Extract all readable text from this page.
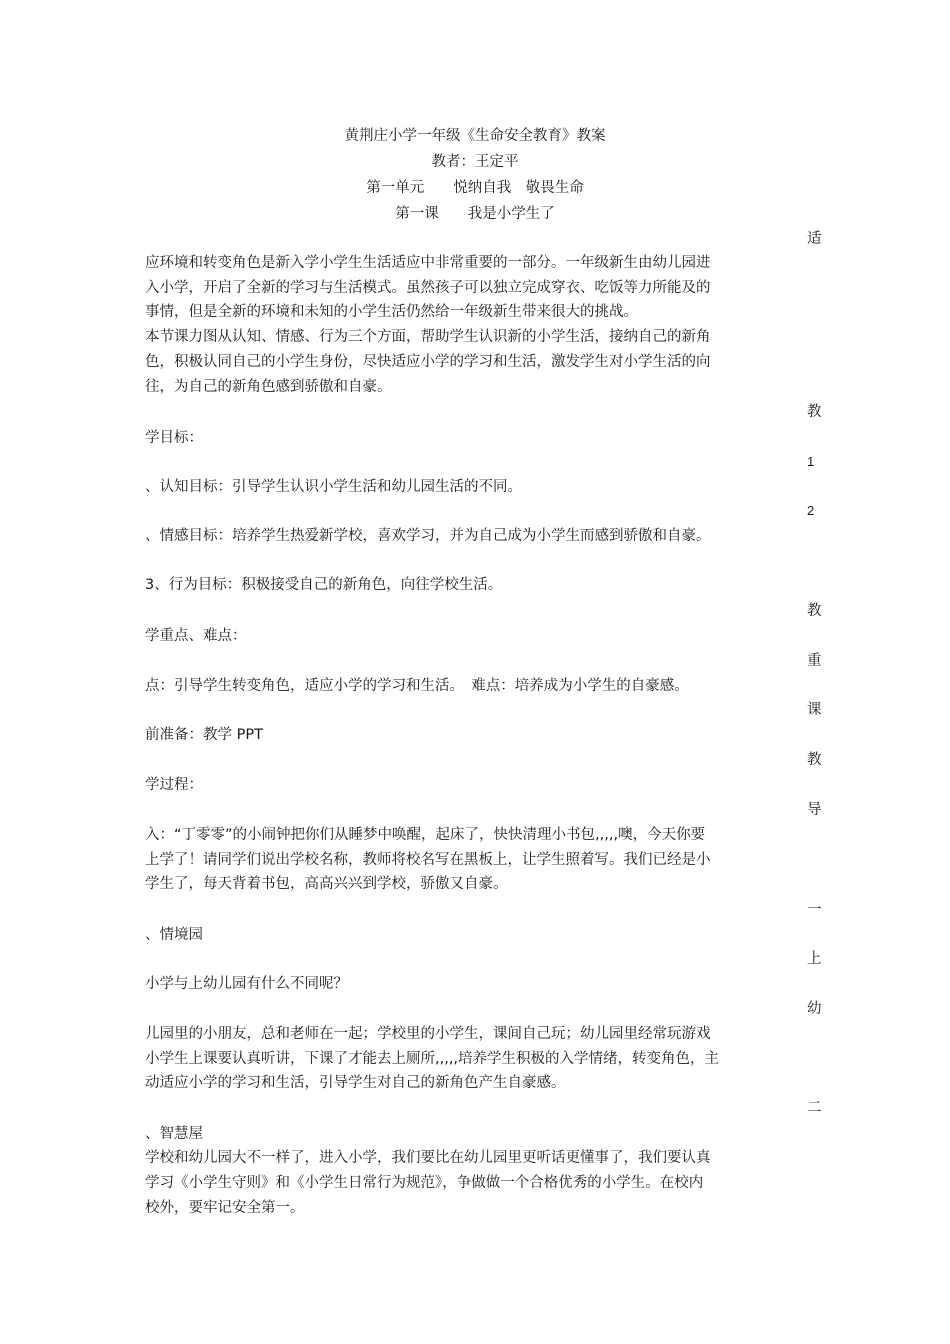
黄荆庄小学一年级《生命安全教育》教案
教者：王定平
第一单元　　悦纳自我　敬畏生命
第一课　　我是小学生了
适
应环境和转变角色是新入学小学生生活适应中非常重要的一部分。一年级新生由幼儿园进
入小学，开启了全新的学习与生活模式。虽然孩子可以独立完成穿衣、吃饭等力所能及的
事情，但是全新的环境和未知的小学生活仍然给一年级新生带来很大的挑战。
本节课力图从认知、情感、行为三个方面，帮助学生认识新的小学生活，接纳自己的新角
色，积极认同自己的小学生身份，尽快适应小学的学习和生活，激发学生对小学生活的向
往，为自己的新角色感到骄傲和自豪。
教
学目标：
1
、认知目标：引导学生认识小学生活和幼儿园生活的不同。
2
、情感目标：培养学生热爱新学校，喜欢学习，并为自己成为小学生而感到骄傲和自豪。
3、行为目标：积极接受自己的新角色，向往学校生活。
教
学重点、难点：
重
点：引导学生转变角色，适应小学的学习和生活。　难点：培养成为小学生的自豪感。
课
前准备：教学 PPT
教
学过程：
导
入：“丁零零”的小闹钟把你们从睡梦中唤醒，起床了，快快清理小书包,,,,,噢，今天你要
上学了！请同学们说出学校名称，教师将校名写在黑板上，让学生照着写。我们已经是小
学生了，每天背着书包，高高兴兴到学校，骄傲又自豪。
一
、情境园
上
小学与上幼儿园有什么不同呢？
幼
儿园里的小朋友，总和老师在一起；学校里的小学生，课间自己玩；幼儿园里经常玩游戏
小学生上课要认真听讲，下课了才能去上厕所,,,,,培养学生积极的入学情绪，转变角色，主
动适应小学的学习和生活，引导学生对自己的新角色产生自豪感。
二
、智慧屋
学校和幼儿园大不一样了，进入小学，我们要比在幼儿园里更听话更懂事了，我们要认真
学习《小学生守则》和《小学生日常行为规范》，争做做一个合格优秀的小学生。在校内
校外，要牢记安全第一。
